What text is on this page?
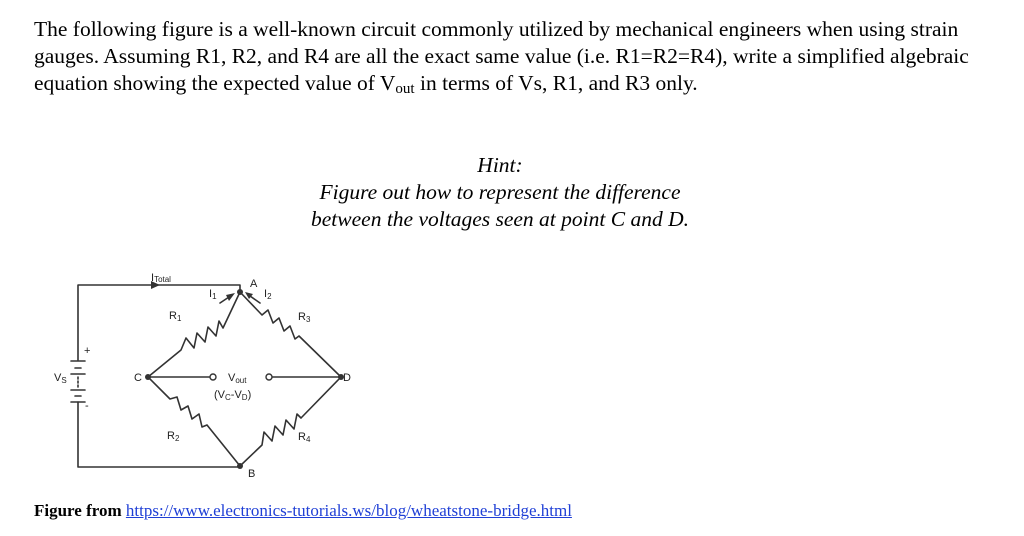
The following figure is a well-known circuit commonly utilized by mechanical engineers when using strain gauges. Assuming R1, R2, and R4 are all the exact same value (i.e. R1=R2=R4), write a simplified algebraic equation showing the expected value of $V_{out}$ in terms of Vs, R1, and R3 only.

Hint:
Figure out how to represent the difference
between the voltages seen at point C and D.
ITotal
I1	I2
A
B
C	D
R1	R3
R2	R4
Vout
(VC-VD)
VS
+
-
Figure from https://www.electronics-tutorials.ws/blog/wheatstone-bridge.html
